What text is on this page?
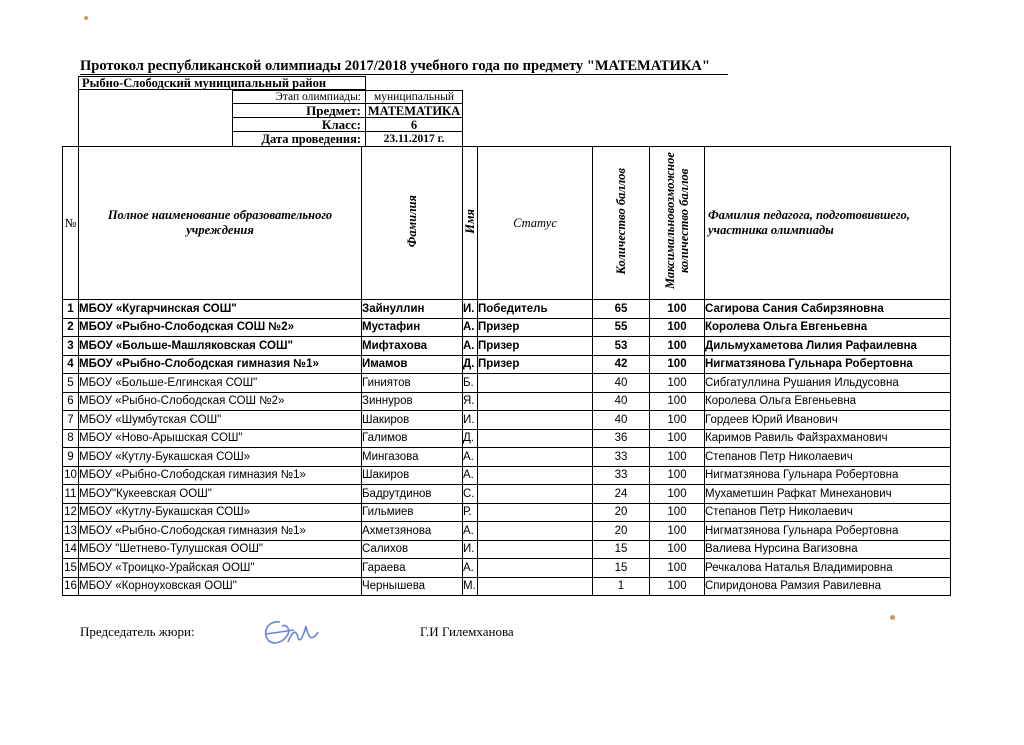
Протокол республиканской олимпиады 2017/2018 учебного года по предмету "МАТЕМАТИКА"
Рыбно-Слободский муниципальный район
Этап олимпиады:	муниципальный
Предмет: МАТЕМАТИКА
Класс:	6
Дата проведения:	23.11.2017 г.
№	Полное наименование образовательного учреждения	Фамилия	Имя	Статус	Количество баллов	Максимальновозможное количество баллов	Фамилия педагога, подготовившего, участника олимпиады
1	МБОУ «Кугарчинская СОШ"	Зайнуллин	И.	Победитель	65	100	Сагирова Сания Сабирзяновна
2	МБОУ «Рыбно-Слободская СОШ №2»	Мустафин	А.	Призер	55	100	Королева Ольга Евгеньевна
3	МБОУ «Больше-Машляковская СОШ"	Мифтахова	А.	Призер	53	100	Дильмухаметова Лилия Рафаилевна
4	МБОУ «Рыбно-Слободская гимназия №1»	Имамов	Д.	Призер	42	100	Нигматзянова Гульнара Робертовна
5	МБОУ «Больше-Елгинская СОШ"	Гиниятов	Б.		40	100	Сибгатуллина Рушания Ильдусовна
6	МБОУ «Рыбно-Слободская СОШ №2»	Зиннуров	Я.		40	100	Королева Ольга Евгеньевна
7	МБОУ «Шумбутская СОШ"	Шакиров	И.		40	100	Гордеев Юрий Иванович
8	МБОУ «Ново-Арышская СОШ"	Галимов	Д.		36	100	Каримов Равиль Файзрахманович
9	МБОУ «Кутлу-Букашская СОШ»	Мингазова	А.		33	100	Степанов Петр Николаевич
10	МБОУ «Рыбно-Слободская гимназия №1»	Шакиров	А.		33	100	Нигматзянова Гульнара Робертовна
11	МБОУ"Кукеевская ООШ"	Бадрутдинов	С.		24	100	Мухаметшин Рафкат Минеханович
12	МБОУ «Кутлу-Букашская СОШ»	Гильмиев	Р.		20	100	Степанов Петр Николаевич
13	МБОУ «Рыбно-Слободская гимназия №1»	Ахметзянова	А.		20	100	Нигматзянова Гульнара Робертовна
14	МБОУ "Шетнево-Тулушская ООШ"	Салихов	И.		15	100	Валиева Нурсина Вагизовна
15	МБОУ «Троицко-Урайская ООШ"	Гараева	А.		15	100	Речкалова Наталья Владимировна
16	МБОУ «Корноуховская ООШ"	Чернышева	М.		1	100	Спиридонова Рамзия Равилевна
Председатель жюри:	Г.И Гилемханова
